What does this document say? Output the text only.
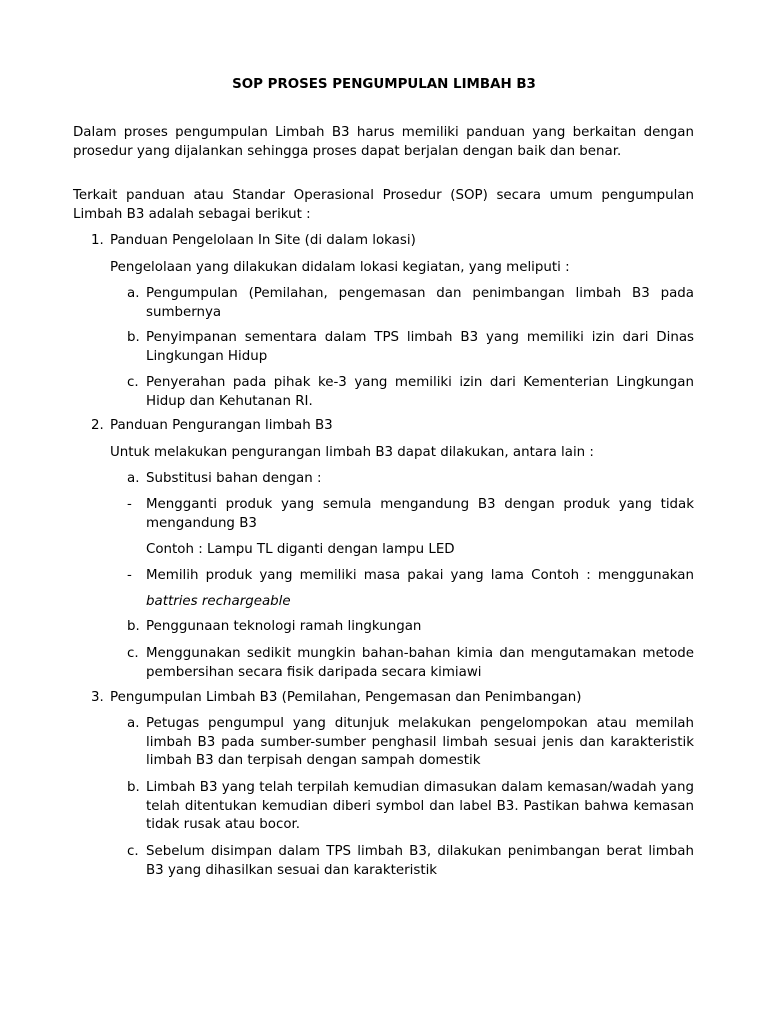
SOP PROSES PENGUMPULAN LIMBAH B3
Dalam proses pengumpulan Limbah B3 harus memiliki panduan yang berkaitan dengan prosedur yang dijalankan sehingga proses dapat berjalan dengan baik dan benar.
Terkait panduan atau Standar Operasional Prosedur (SOP) secara umum pengumpulan Limbah B3 adalah sebagai berikut :
1. Panduan Pengelolaan In Site (di dalam lokasi)
Pengelolaan yang dilakukan didalam lokasi kegiatan, yang meliputi :
a. Pengumpulan (Pemilahan, pengemasan dan penimbangan limbah B3 pada sumbernya
b. Penyimpanan sementara dalam TPS limbah B3 yang memiliki izin dari Dinas Lingkungan Hidup
c. Penyerahan pada pihak ke-3 yang memiliki izin dari Kementerian Lingkungan Hidup dan Kehutanan RI.
2. Panduan Pengurangan limbah B3
Untuk melakukan pengurangan limbah B3 dapat dilakukan, antara lain :
a. Substitusi bahan dengan :
-	Mengganti produk yang semula mengandung B3 dengan produk yang tidak mengandung B3
Contoh : Lampu TL diganti dengan lampu LED
-	Memilih produk yang memiliki masa pakai yang lama Contoh : menggunakan
battries rechargeable
b. Penggunaan teknologi ramah lingkungan
c. Menggunakan sedikit mungkin bahan-bahan kimia dan mengutamakan metode pembersihan secara fisik daripada secara kimiawi
3. Pengumpulan Limbah B3 (Pemilahan, Pengemasan dan Penimbangan)
a. Petugas pengumpul yang ditunjuk melakukan pengelompokan atau memilah limbah B3 pada sumber-sumber penghasil limbah sesuai jenis dan karakteristik limbah B3 dan terpisah dengan sampah domestik
b. Limbah B3 yang telah terpilah kemudian dimasukan dalam kemasan/wadah yang telah ditentukan kemudian diberi symbol dan label B3. Pastikan bahwa kemasan tidak rusak atau bocor.
c. Sebelum disimpan dalam TPS limbah B3, dilakukan penimbangan berat limbah B3 yang dihasilkan sesuai dan karakteristik
